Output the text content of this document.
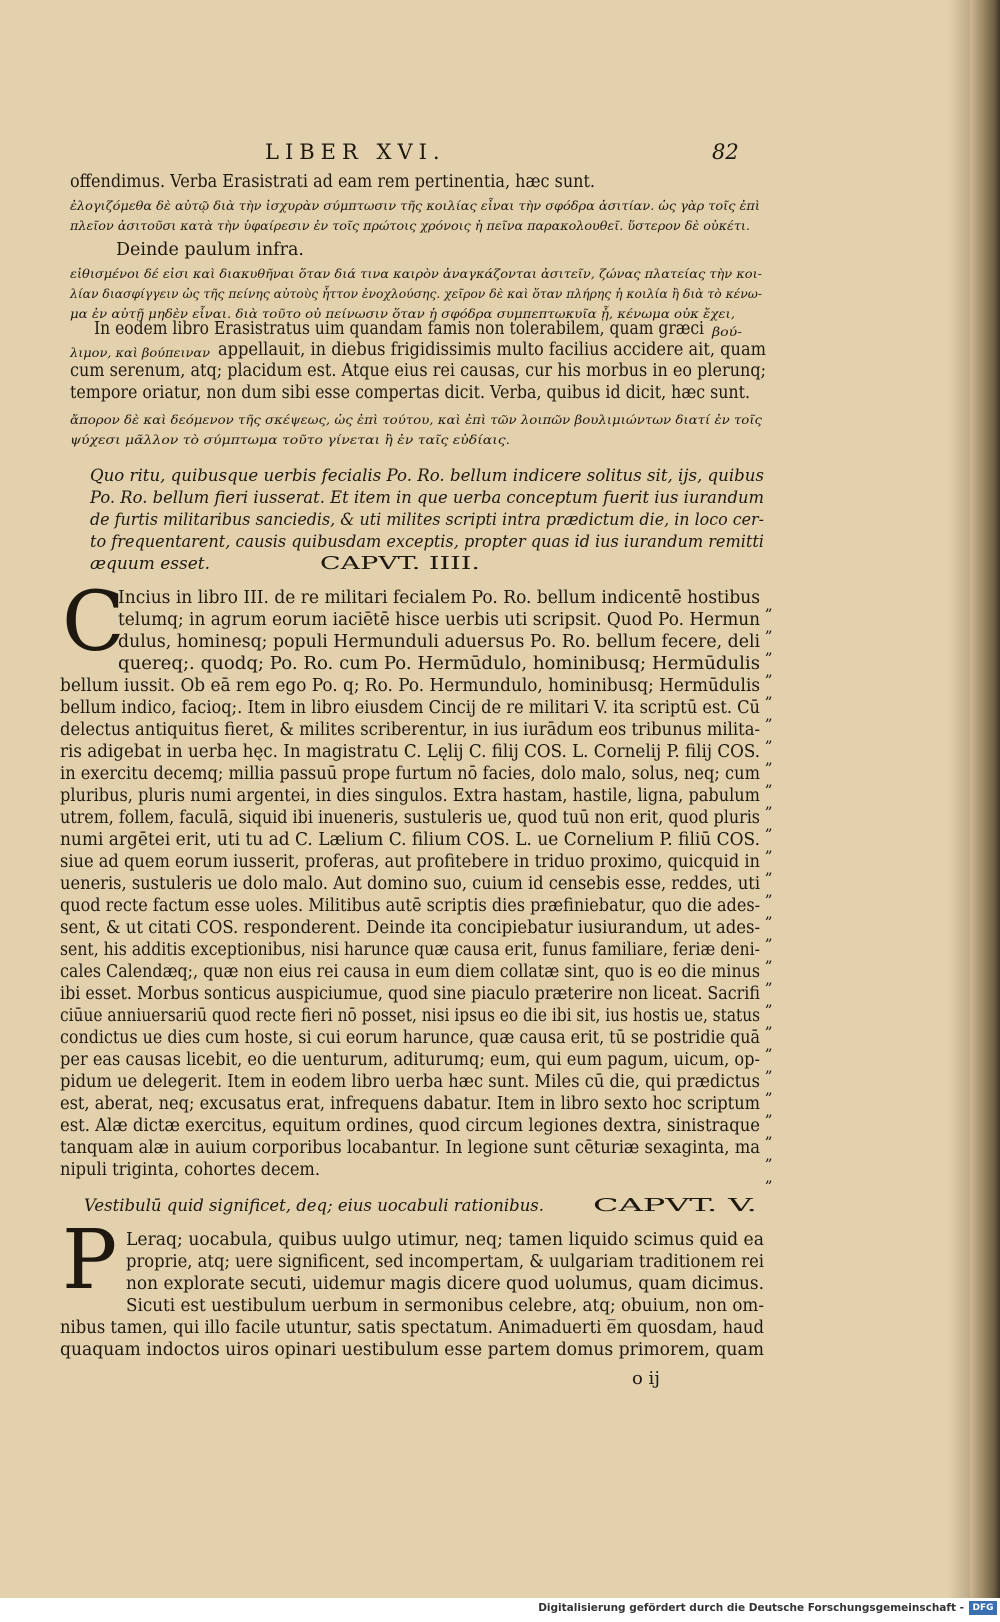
LIBER XVI.	82
offendimus. Verba Erasistrati ad eam rem pertinentia, hæc sunt.
ἐλογιζόμεθα δὲ αὐτῷ διὰ τὴν ἰσχυρὰν σύμπτωσιν τῆς κοιλίας εἶναι τὴν σφόδρα ἀσιτίαν. ὡς γὰρ τοῖς ἐπὶ
πλεῖον ἀσιτοῦσι κατὰ τὴν ὑφαίρεσιν ἐν τοῖς πρώτοις χρόνοις ἡ πεῖνα παρακολουθεῖ. ὕστερον δὲ οὐκέτι.
Deinde paulum infra.
εἰθισμένοι δέ εἰσι καὶ διακυθῆναι ὅταν διά τινα καιρὸν ἀναγκάζονται ἀσιτεῖν, ζώνας πλατείας τὴν κοι-
λίαν διασφίγγειν ὡς τῆς πείνης αὐτοὺς ἧττον ἐνοχλούσης. χεῖρον δὲ καὶ ὅταν πλήρης ἡ κοιλία ἢ διὰ τὸ κένω-
μα ἐν αὐτῇ μηδὲν εἶναι. διὰ τοῦτο οὐ πείνωσιν ὅταν ἡ σφόδρα συμπεπτωκυῖα ᾖ, κένωμα οὐκ ἔχει,
In eodem libro Erasistratus uim quandam famis non tolerabilem, quam græci βού-
λιμον, καὶ βούπειναν appellauit, in diebus frigidissimis multo facilius accidere ait, quam
cum serenum, atq; placidum est. Atque eius rei causas, cur his morbus in eo plerunq;
tempore oriatur, non dum sibi esse compertas dicit. Verba, quibus id dicit, hæc sunt.
ἄπορον δὲ καὶ δεόμενον τῆς σκέψεως, ὡς ἐπὶ τούτου, καὶ ἐπὶ τῶν λοιπῶν βουλιμιώντων διατί ἐν τοῖς
ψύχεσι μᾶλλον τὸ σύμπτωμα τοῦτο γίνεται ἢ ἐν ταῖς εὐδίαις.
Quo ritu, quibusque uerbis fecialis Po. Ro. bellum indicere solitus sit, ijs, quibus
Po. Ro. bellum fieri iusserat. Et item in que uerba conceptum fuerit ius iurandum
de furtis militaribus sanciedis, & uti milites scripti intra prædictum die, in loco cer-
to frequentarent, causis quibusdam exceptis, propter quas id ius iurandum remitti
æquum esset.	CAPVT. IIII.
Incius in libro III. de re militari fecialem Po. Ro. bellum indicentē hostibus
telumq; in agrum eorum iaciētē hisce uerbis uti scripsit. Quod Po. Hermun
dulus, hominesq; populi Hermunduli aduersus Po. Ro. bellum fecere, deli
quereq;. quodq; Po. Ro. cum Po. Hermūdulo, hominibusq; Hermūdulis
bellum iussit. Ob eā rem ego Po. q; Ro. Po. Hermundulo, hominibusq; Hermūdulis
bellum indico, facioq;. Item in libro eiusdem Cincij de re militari V. ita scriptū est. Cū
delectus antiquitus fieret, & milites scriberentur, in ius iurādum eos tribunus milita-
ris adigebat in uerba hęc. In magistratu C. Lęlij C. filij COS. L. Cornelij P. filij COS.
in exercitu decemq; millia passuū prope furtum nō facies, dolo malo, solus, neq; cum
pluribus, pluris numi argentei, in dies singulos. Extra hastam, hastile, ligna, pabulum
utrem, follem, faculā, siquid ibi inueneris, sustuleris ue, quod tuū non erit, quod pluris
numi argētei erit, uti tu ad C. Lælium C. filium COS. L. ue Cornelium P. filiū COS.
siue ad quem eorum iusserit, proferas, aut profitebere in triduo proximo, quicquid in
ueneris, sustuleris ue dolo malo. Aut domino suo, cuium id censebis esse, reddes, uti
quod recte factum esse uoles. Militibus autē scriptis dies præfiniebatur, quo die ades-
sent, & ut citati COS. responderent. Deinde ita concipiebatur iusiurandum, ut ades-
sent, his additis exceptionibus, nisi harunce quæ causa erit, funus familiare, feriæ deni-
cales Calendæq;, quæ non eius rei causa in eum diem collatæ sint, quo is eo die minus
ibi esset. Morbus sonticus auspiciumue, quod sine piaculo præterire non liceat. Sacrifi
ciūue anniuersariū quod recte fieri nō posset, nisi ipsus eo die ibi sit, ius hostis ue, status
condictus ue dies cum hoste, si cui eorum harunce, quæ causa erit, tū se postridie quā
per eas causas licebit, eo die uenturum, aditurumq; eum, qui eum pagum, uicum, op-
pidum ue delegerit. Item in eodem libro uerba hæc sunt. Miles cū die, qui prædictus
est, aberat, neq; excusatus erat, infrequens dabatur. Item in libro sexto hoc scriptum
est. Alæ dictæ exercitus, equitum ordines, quod circum legiones dextra, sinistraque
tanquam alæ in auium corporibus locabantur. In legione sunt cēturiæ sexaginta, ma
nipuli triginta, cohortes decem.
Vestibulū quid significet, deq; eius uocabuli rationibus.	CAPVT. V.
Leraq; uocabula, quibus uulgo utimur, neq; tamen liquido scimus quid ea
proprie, atq; uere significent, sed incompertam, & uulgariam traditionem rei
non explorate secuti, uidemur magis dicere quod uolumus, quam dicimus.
Sicuti est uestibulum uerbum in sermonibus celebre, atq; obuium, non om-
nibus tamen, qui illo facile utuntur, satis spectatum. Animaduerti e̅m quosdam, haud
quaquam indoctos uiros opinari uestibulum esse partem domus primorem, quam
„
„
„
„
„
„
„
„
„
„
„
„
„
„
„
„
„
„
„
„
„
„
„
„
„
„
„
C
P
o ij
Digitalisierung gefördert durch die Deutsche Forschungsgemeinschaft - DFG
